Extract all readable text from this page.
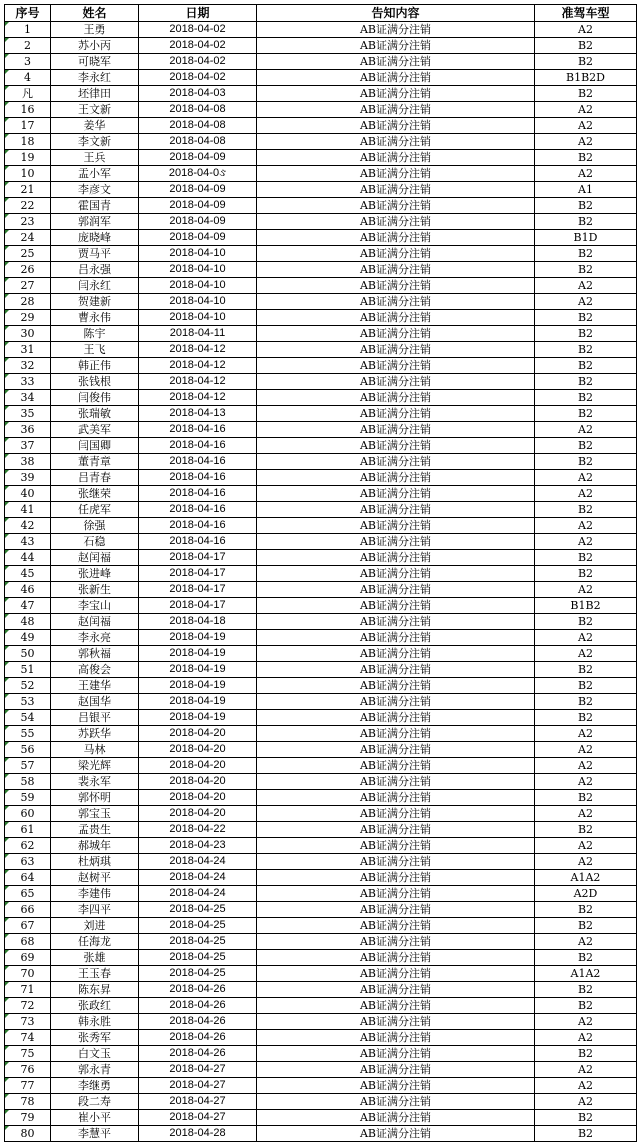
序号	姓名	日期	告知内容	准驾车型
1	王勇	2018-04-02	AB证满分注销	A2
2	苏小丙	2018-04-02	AB证满分注销	B2
3	可晓军	2018-04-02	AB证满分注销	B2
4	李永红	2018-04-02	AB证满分注销	B1B2D
凡	坯律田	2018-04-03	AB证满分注销	B2
16	王文新	2018-04-08	AB证满分注销	A2
17	姜华	2018-04-08	AB证满分注销	A2
18	李文新	2018-04-08	AB证满分注销	A2
19	王兵	2018-04-09	AB证满分注销	B2
10	盂小军	2018-04-0ઙ	AB证满分注销	A2
21	李彦文	2018-04-09	AB证满分注销	A1
22	霍国青	2018-04-09	AB证满分注销	B2
23	郭润军	2018-04-09	AB证满分注销	B2
24	庞晓峰	2018-04-09	AB证满分注销	B1D
25	贾马平	2018-04-10	AB证满分注销	B2
26	吕永强	2018-04-10	AB证满分注销	B2
27	闫永红	2018-04-10	AB证满分注销	A2
28	贺建新	2018-04-10	AB证满分注销	A2
29	曹永伟	2018-04-10	AB证满分注销	B2
30	陈宇	2018-04-11	AB证满分注销	B2
31	王飞	2018-04-12	AB证满分注销	B2
32	韩正伟	2018-04-12	AB证满分注销	B2
33	张钱根	2018-04-12	AB证满分注销	B2
34	闫俊伟	2018-04-12	AB证满分注销	B2
35	张瑞敏	2018-04-13	AB证满分注销	B2
36	武美军	2018-04-16	AB证满分注销	A2
37	闫国卿	2018-04-16	AB证满分注销	B2
38	董青章	2018-04-16	AB证满分注销	B2
39	吕青春	2018-04-16	AB证满分注销	A2
40	张继荣	2018-04-16	AB证满分注销	A2
41	任虎军	2018-04-16	AB证满分注销	B2
42	徐强	2018-04-16	AB证满分注销	A2
43	石稳	2018-04-16	AB证满分注销	A2
44	赵闰福	2018-04-17	AB证满分注销	B2
45	张进峰	2018-04-17	AB证满分注销	B2
46	张新生	2018-04-17	AB证满分注销	A2
47	李宝山	2018-04-17	AB证满分注销	B1B2
48	赵闰福	2018-04-18	AB证满分注销	B2
49	李永亮	2018-04-19	AB证满分注销	A2
50	郭秋福	2018-04-19	AB证满分注销	A2
51	高俊会	2018-04-19	AB证满分注销	B2
52	王建华	2018-04-19	AB证满分注销	B2
53	赵国华	2018-04-19	AB证满分注销	B2
54	吕银平	2018-04-19	AB证满分注销	B2
55	苏跃华	2018-04-20	AB证满分注销	A2
56	马林	2018-04-20	AB证满分注销	A2
57	梁光辉	2018-04-20	AB证满分注销	A2
58	裴永军	2018-04-20	AB证满分注销	A2
59	郭怀明	2018-04-20	AB证满分注销	B2
60	郭宝玉	2018-04-20	AB证满分注销	A2
61	孟贵生	2018-04-22	AB证满分注销	B2
62	郝城年	2018-04-23	AB证满分注销	A2
63	杜炳琪	2018-04-24	AB证满分注销	A2
64	赵树平	2018-04-24	AB证满分注销	A1A2
65	李建伟	2018-04-24	AB证满分注销	A2D
66	李四平	2018-04-25	AB证满分注销	B2
67	刘进	2018-04-25	AB证满分注销	B2
68	任海龙	2018-04-25	AB证满分注销	A2
69	张雄	2018-04-25	AB证满分注销	B2
70	王玉春	2018-04-25	AB证满分注销	A1A2
71	陈东昇	2018-04-26	AB证满分注销	B2
72	张政红	2018-04-26	AB证满分注销	B2
73	韩永胜	2018-04-26	AB证满分注销	A2
74	张秀军	2018-04-26	AB证满分注销	A2
75	白文玉	2018-04-26	AB证满分注销	B2
76	郭永青	2018-04-27	AB证满分注销	A2
77	李继勇	2018-04-27	AB证满分注销	A2
78	段二寿	2018-04-27	AB证满分注销	A2
79	崔小平	2018-04-27	AB证满分注销	B2
80	李慧平	2018-04-28	AB证满分注销	B2
